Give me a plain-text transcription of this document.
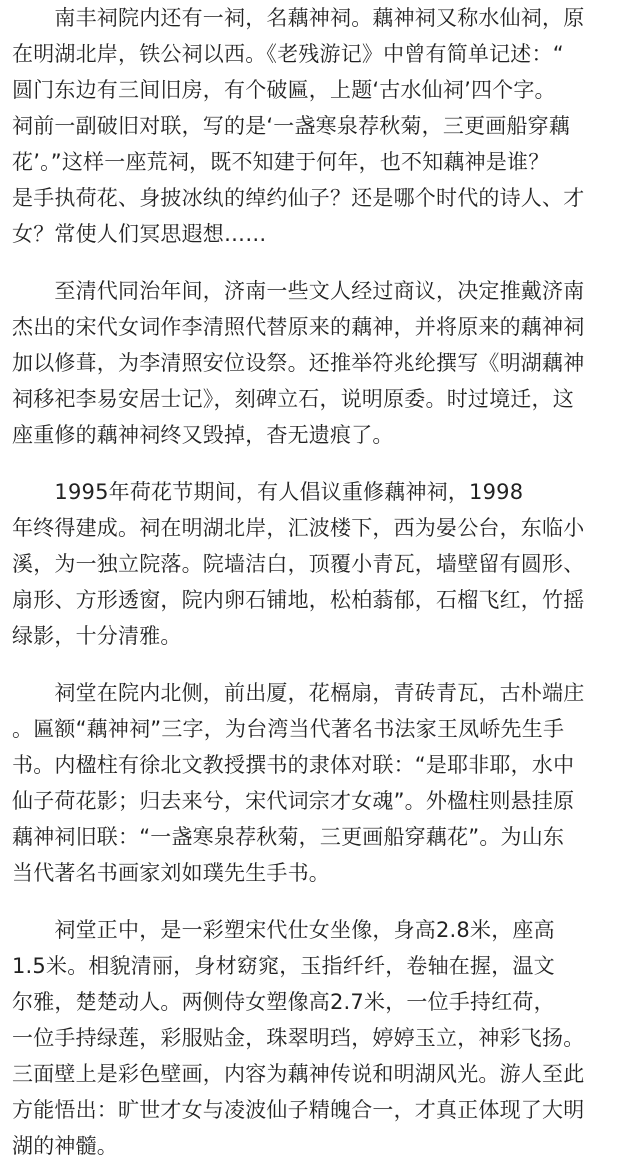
　　南丰祠院内还有一祠，名藕神祠。藕神祠又称水仙祠，原
在明湖北岸，铁公祠以西。《老残游记》中曾有简单记述：“
圆门东边有三间旧房，有个破匾，上题‘古水仙祠’四个字。
祠前一副破旧对联，写的是‘一盏寒泉荐秋菊，三更画船穿藕
花’。”这样一座荒祠，既不知建于何年，也不知藕神是谁？
是手执荷花、身披冰纨的绰约仙子？还是哪个时代的诗人、才
女？常使人们冥思遐想……
　　至清代同治年间，济南一些文人经过商议，决定推戴济南
杰出的宋代女词作李清照代替原来的藕神，并将原来的藕神祠
加以修葺，为李清照安位设祭。还推举符兆纶撰写《明湖藕神
祠移祀李易安居士记》，刻碑立石，说明原委。时过境迁，这
座重修的藕神祠终又毁掉，杳无遗痕了。
　　1995年荷花节期间，有人倡议重修藕神祠，1998
年终得建成。祠在明湖北岸，汇波楼下，西为晏公台，东临小
溪，为一独立院落。院墙洁白，顶覆小青瓦，墙壁留有圆形、
扇形、方形透窗，院内卵石铺地，松柏蓊郁，石榴飞红，竹摇
绿影，十分清雅。
　　祠堂在院内北侧，前出厦，花槅扇，青砖青瓦，古朴端庄
。匾额“藕神祠”三字，为台湾当代著名书法家王凤峤先生手
书。内楹柱有徐北文教授撰书的隶体对联：“是耶非耶，水中
仙子荷花影；归去来兮，宋代词宗才女魂”。外楹柱则悬挂原
藕神祠旧联：“一盏寒泉荐秋菊，三更画船穿藕花”。为山东
当代著名书画家刘如璞先生手书。
　　祠堂正中，是一彩塑宋代仕女坐像，身高2.8米，座高
1.5米。相貌清丽，身材窈窕，玉指纤纤，卷轴在握，温文
尔雅，楚楚动人。两侧侍女塑像高2.7米，一位手持红荷，
一位手持绿莲，彩服贴金，珠翠明珰，婷婷玉立，神彩飞扬。
三面壁上是彩色壁画，内容为藕神传说和明湖风光。游人至此
方能悟出：旷世才女与凌波仙子精魄合一，才真正体现了大明
湖的神髓。
